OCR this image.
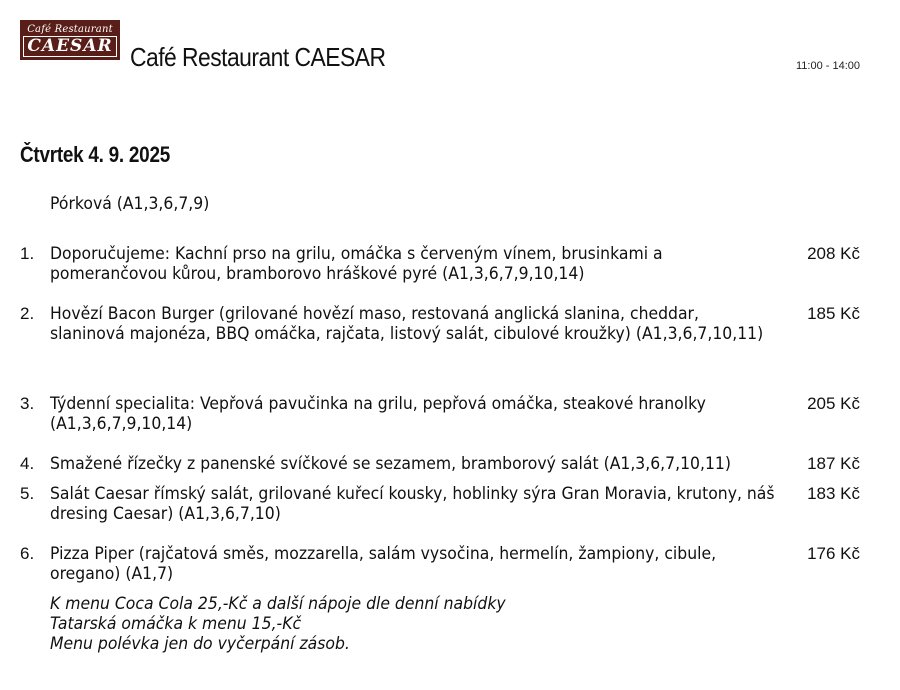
Café Restaurant
CAESAR Café Restaurant CAESAR	11:00 - 14:00
Čtvrtek 4. 9. 2025
Pórková (A1,3,6,7,9)
1. Doporučujeme: Kachní prso na grilu, omáčka s červeným vínem, brusinkami a pomerančovou kůrou, bramborovo hráškové pyré (A1,3,6,7,9,10,14)
208 Kč
2. Hovězí Bacon Burger (grilované hovězí maso, restovaná anglická slanina, cheddar, slaninová majonéza, BBQ omáčka, rajčata, listový salát, cibulové kroužky) (A1,3,6,7,10,11)
185 Kč
3. Týdenní specialita: Vepřová pavučinka na grilu, pepřová omáčka, steakové hranolky (A1,3,6,7,9,10,14)
205 Kč
4. Smažené řízečky z panenské svíčkové se sezamem, bramborový salát (A1,3,6,7,10,11)	187 Kč
5. Salát Caesar římský salát, grilované kuřecí kousky, hoblinky sýra Gran Moravia, krutony, náš dresing Caesar) (A1,3,6,7,10)
183 Kč
6. Pizza Piper (rajčatová směs, mozzarella, salám vysočina, hermelín, žampiony, cibule, oregano) (A1,7)
176 Kč
K menu Coca Cola 25,-Kč a další nápoje dle denní nabídky
Tatarská omáčka k menu 15,-Kč
Menu polévka jen do vyčerpání zásob.
